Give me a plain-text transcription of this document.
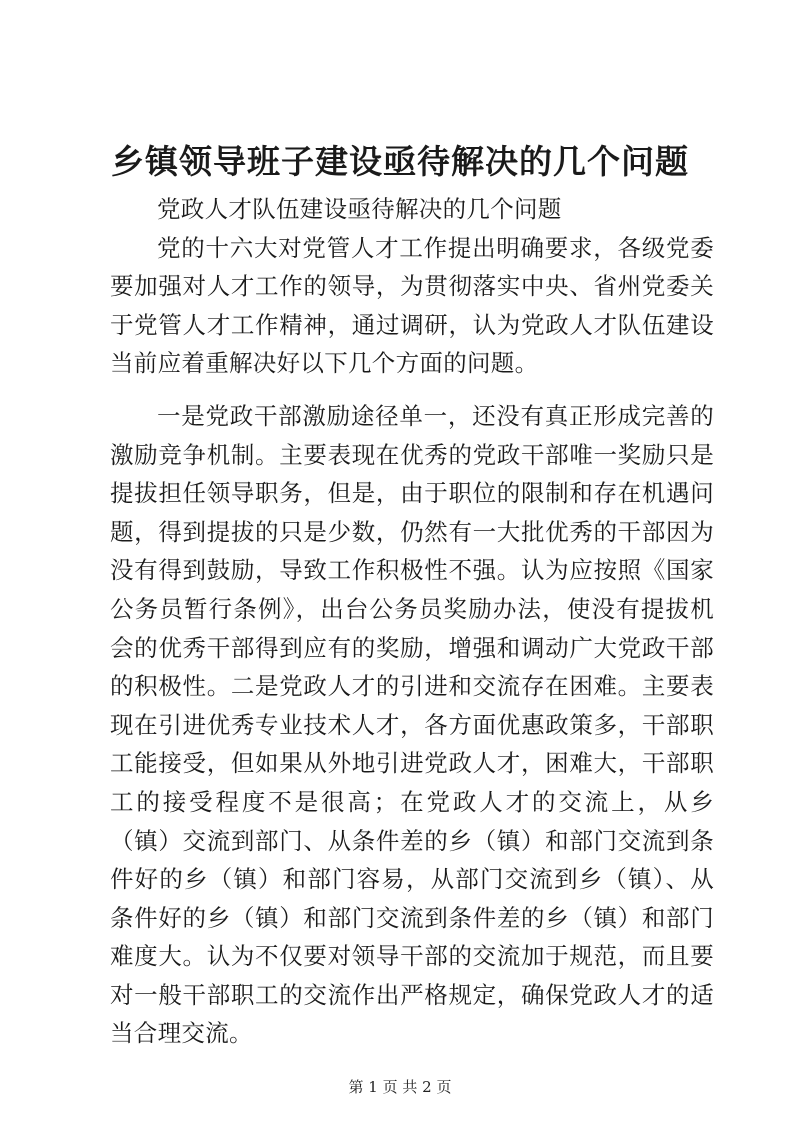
乡镇领导班子建设亟待解决的几个问题

党政人才队伍建设亟待解决的几个问题

党的十六大对党管人才工作提出明确要求，各级党委要加强对人才工作的领导，为贯彻落实中央、省州党委关于党管人才工作精神，通过调研，认为党政人才队伍建设当前应着重解决好以下几个方面的问题。

一是党政干部激励途径单一，还没有真正形成完善的激励竞争机制。主要表现在优秀的党政干部唯一奖励只是提拔担任领导职务，但是，由于职位的限制和存在机遇问题，得到提拔的只是少数，仍然有一大批优秀的干部因为没有得到鼓励，导致工作积极性不强。认为应按照《国家公务员暂行条例》，出台公务员奖励办法，使没有提拔机会的优秀干部得到应有的奖励，增强和调动广大党政干部的积极性。二是党政人才的引进和交流存在困难。主要表现在引进优秀专业技术人才，各方面优惠政策多，干部职工能接受，但如果从外地引进党政人才，困难大，干部职工的接受程度不是很高；在党政人才的交流上，从乡（镇）交流到部门、从条件差的乡（镇）和部门交流到条件好的乡（镇）和部门容易，从部门交流到乡（镇）、从条件好的乡（镇）和部门交流到条件差的乡（镇）和部门难度大。认为不仅要对领导干部的交流加于规范，而且要对一般干部职工的交流作出严格规定，确保党政人才的适当合理交流。

第 1 页 共 2 页
